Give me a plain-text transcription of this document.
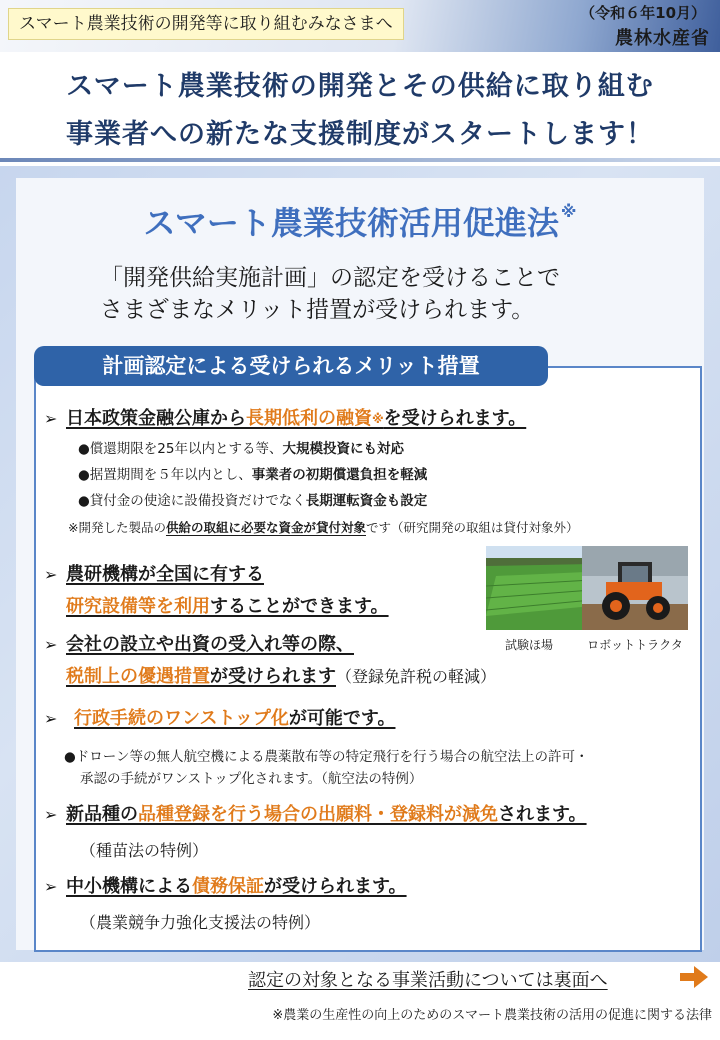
スマート農業技術の開発等に取り組むみなさまへ
（令和６年10月）
農林水産省
スマート農業技術の開発とその供給に取り組む
事業者への新たな支援制度がスタートします！
スマート農業技術活用促進法 ※
「開発供給実施計画」の認定を受けることで
さまざまなメリット措置が受けられます。
計画認定による受けられるメリット措置
➢ 日本政策金融公庫から長期低利の融資※を受けられます。
●償還期限を25年以内とする等、大規模投資にも対応
●据置期間を５年以内とし、事業者の初期償還負担を軽減
●貸付金の使途に設備投資だけでなく長期運転資金も設定
※開発した製品の供給の取組に必要な資金が貸付対象です（研究開発の取組は貸付対象外）
➢ 農研機構が全国に有する
研究設備等を利用することができます。
試験ほ場	ロボットトラクタ
➢ 会社の設立や出資の受入れ等の際、
税制上の優遇措置が受けられます（登録免許税の軽減）
➢ 行政手続のワンストップ化が可能です。
●ドローン等の無人航空機による農薬散布等の特定飛行を行う場合の航空法上の許可・
承認の手続がワンストップ化されます。（航空法の特例）
➢ 新品種の品種登録を行う場合の出願料・登録料が減免されます。
（種苗法の特例）
➢ 中小機構による債務保証が受けられます。
（農業競争力強化支援法の特例）
認定の対象となる事業活動については裏面へ
※農業の生産性の向上のためのスマート農業技術の活用の促進に関する法律
